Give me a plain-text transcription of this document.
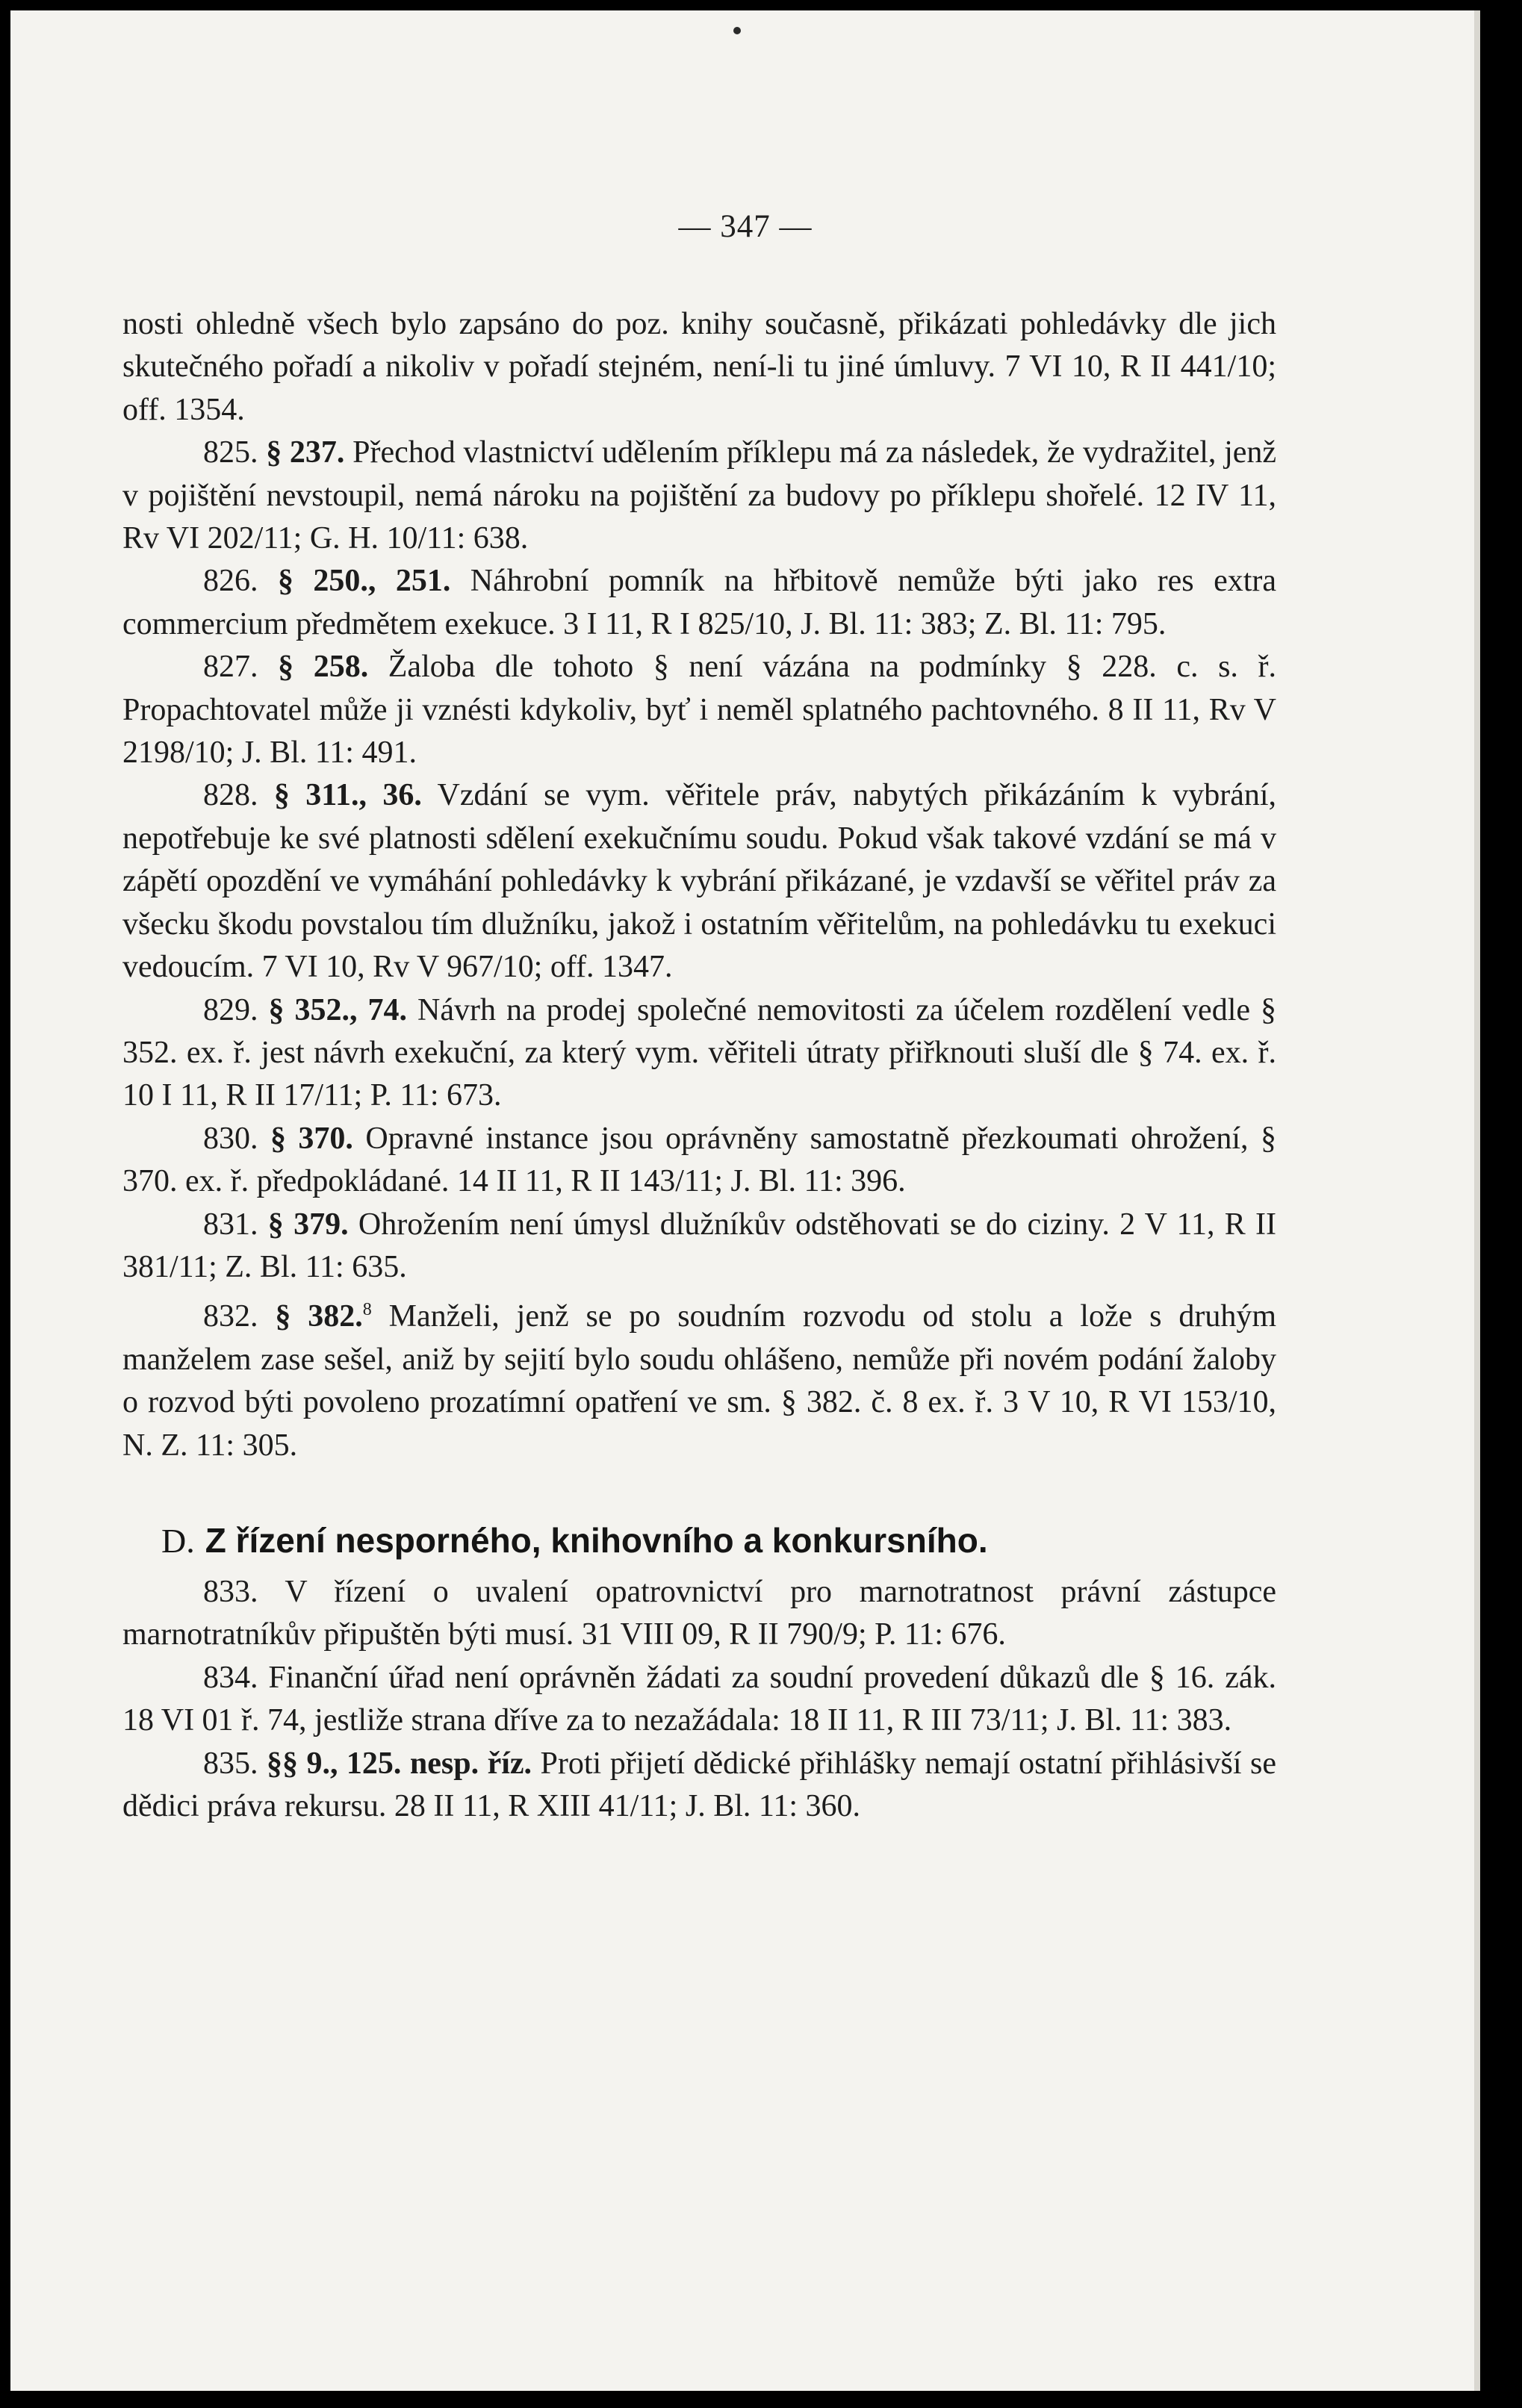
— 347 —

nosti ohledně všech bylo zapsáno do poz. knihy současně, přikázati pohledávky dle jich skutečného pořadí a nikoliv v pořadí stejném, není-li tu jiné úmluvy. 7 VI 10, R II 441/10; off. 1354.

825. § 237. Přechod vlastnictví udělením příklepu má za následek, že vydražitel, jenž v pojištění nevstoupil, nemá nároku na pojištění za budovy po příklepu shořelé. 12 IV 11, Rv VI 202/11; G. H. 10/11: 638.

826. § 250., 251. Náhrobní pomník na hřbitově nemůže býti jako res extra commercium předmětem exekuce. 3 I 11, R I 825/10, J. Bl. 11: 383; Z. Bl. 11: 795.

827. § 258. Žaloba dle tohoto § není vázána na podmínky § 228. c. s. ř. Propachtovatel může ji vznésti kdykoliv, byť i neměl splatného pachtovného. 8 II 11, Rv V 2198/10; J. Bl. 11: 491.

828. § 311., 36. Vzdání se vym. věřitele práv, nabytých přikázáním k vybrání, nepotřebuje ke své platnosti sdělení exekučnímu soudu. Pokud však takové vzdání se má v zápětí opozdění ve vymáhání pohledávky k vybrání přikázané, je vzdavší se věřitel práv za všecku škodu povstalou tím dlužníku, jakož i ostatním věřitelům, na pohledávku tu exekuci vedoucím. 7 VI 10, Rv V 967/10; off. 1347.

829. § 352., 74. Návrh na prodej společné nemovitosti za účelem rozdělení vedle § 352. ex. ř. jest návrh exekuční, za který vym. věřiteli útraty přiřknouti sluší dle § 74. ex. ř. 10 I 11, R II 17/11; P. 11: 673.

830. § 370. Opravné instance jsou oprávněny samostatně přezkoumati ohrožení, § 370. ex. ř. předpokládané. 14 II 11, R II 143/11; J. Bl. 11: 396.

831. § 379. Ohrožením není úmysl dlužníkův odstěhovati se do ciziny. 2 V 11, R II 381/11; Z. Bl. 11: 635.

832. § 382.$^8$ Manželi, jenž se po soudním rozvodu od stolu a lože s druhým manželem zase sešel, aniž by sejití bylo soudu ohlášeno, nemůže při novém podání žaloby o rozvod býti povoleno prozatímní opatření ve sm. § 382. č. 8 ex. ř. 3 V 10, R VI 153/10, N. Z. 11: 305.

D. Z řízení nesporného, knihovního a konkursního.

833. V řízení o uvalení opatrovnictví pro marnotratnost právní zástupce marnotratníkův připuštěn býti musí. 31 VIII 09, R II 790/9; P. 11: 676.

834. Finanční úřad není oprávněn žádati za soudní provedení důkazů dle § 16. zák. 18 VI 01 ř. 74, jestliže strana dříve za to nezažádala: 18 II 11, R III 73/11; J. Bl. 11: 383.

835. §§ 9., 125. nesp. říz. Proti přijetí dědické přihlášky nemají ostatní přihlásivší se dědici práva rekursu. 28 II 11, R XIII 41/11; J. Bl. 11: 360.
